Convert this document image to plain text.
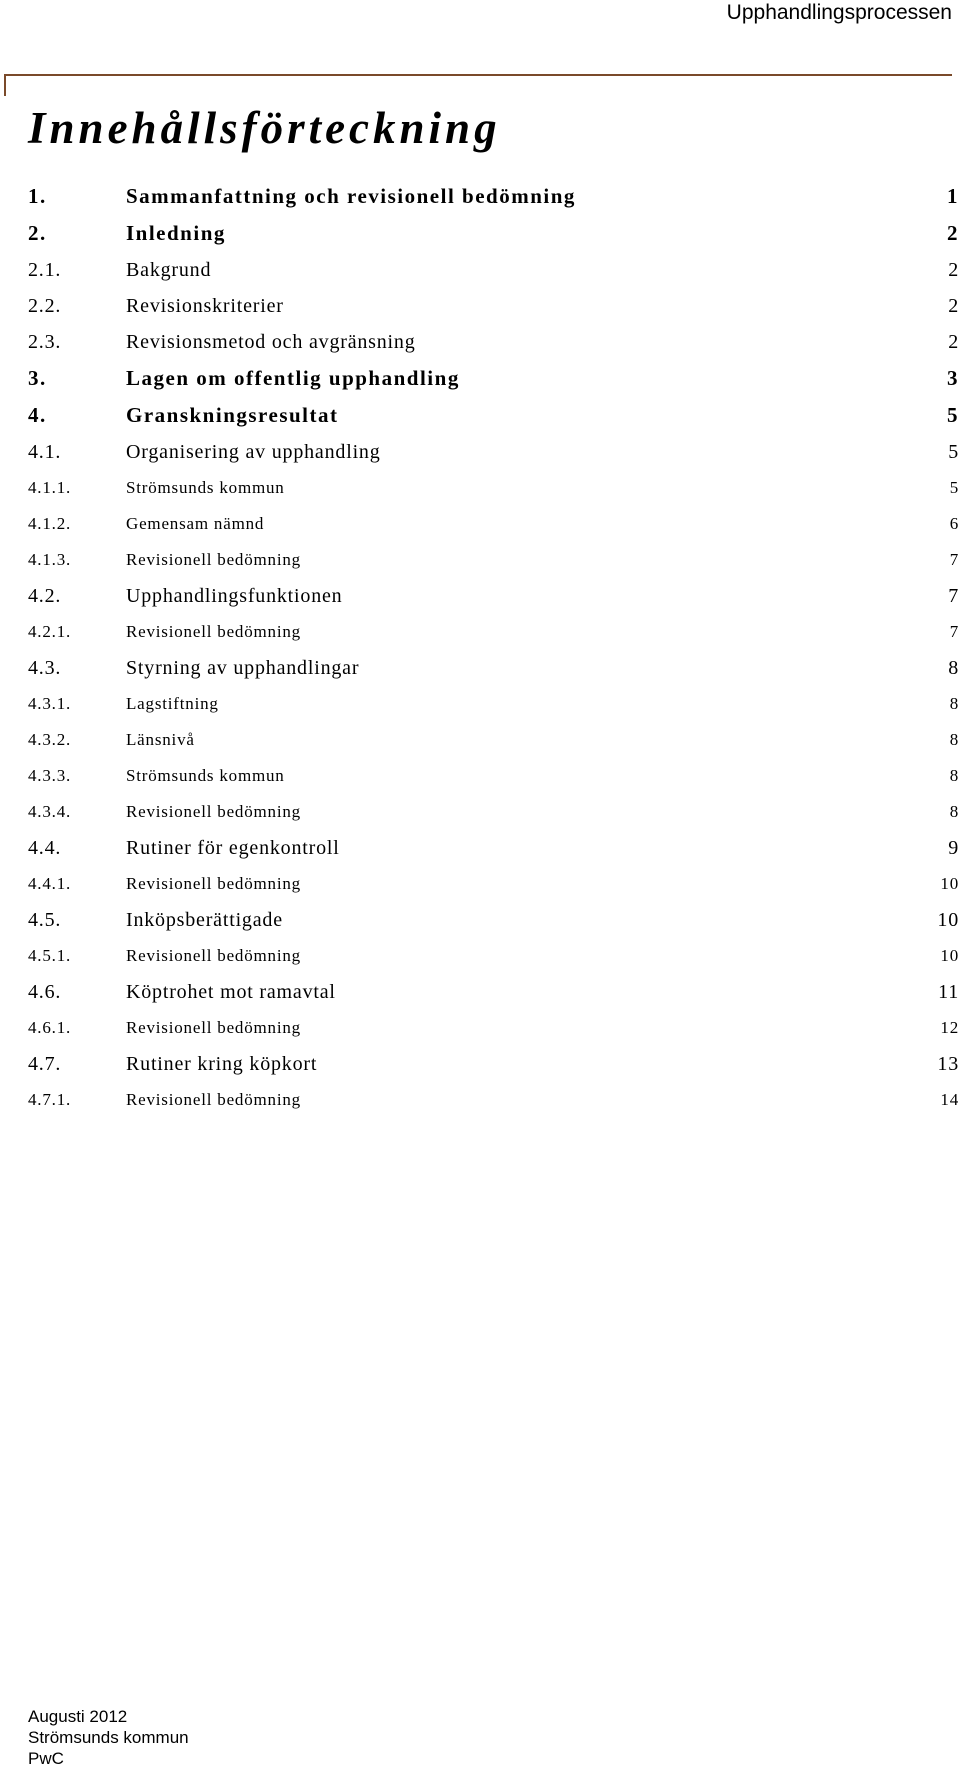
Upphandlingsprocessen
Innehållsförteckning
1.	Sammanfattning och revisionell bedömning .....	1
2.	Inledning .....	2
2.1.	Bakgrund .....	2
2.2.	Revisionskriterier .....	2
2.3.	Revisionsmetod och avgränsning .....	2
3.	Lagen om offentlig upphandling .....	3
4.	Granskningsresultat .....	5
4.1.	Organisering av upphandling .....	5
4.1.1.	Strömsunds kommun .....	5
4.1.2.	Gemensam nämnd .....	6
4.1.3.	Revisionell bedömning .....	7
4.2.	Upphandlingsfunktionen .....	7
4.2.1.	Revisionell bedömning .....	7
4.3.	Styrning av upphandlingar .....	8
4.3.1.	Lagstiftning .....	8
4.3.2.	Länsnivå .....	8
4.3.3.	Strömsunds kommun .....	8
4.3.4.	Revisionell bedömning .....	8
4.4.	Rutiner för egenkontroll .....	9
4.4.1.	Revisionell bedömning .....	10
4.5.	Inköpsberättigade .....	10
4.5.1.	Revisionell bedömning .....	10
4.6.	Köptrohet mot ramavtal .....	11
4.6.1.	Revisionell bedömning .....	12
4.7.	Rutiner kring köpkort .....	13
4.7.1.	Revisionell bedömning .....	14
Augusti 2012
Strömsunds kommun
PwC
